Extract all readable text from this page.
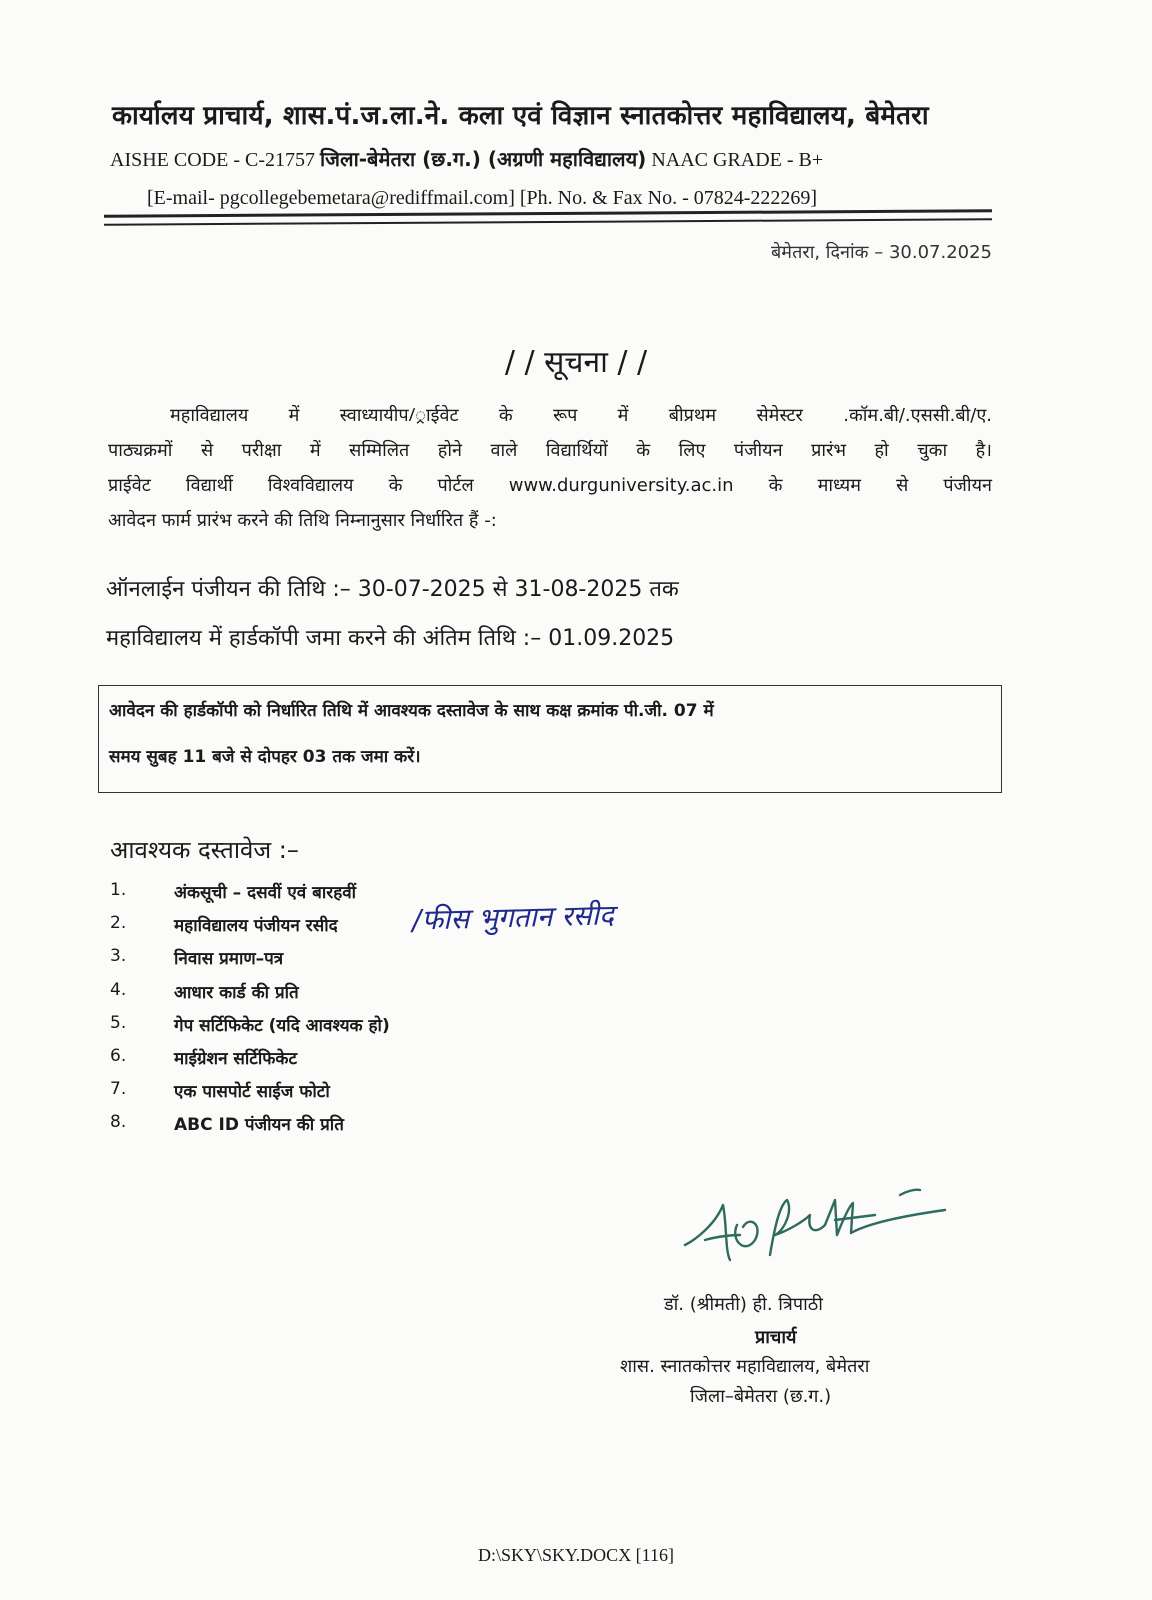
कार्यालय प्राचार्य, शास.पं.ज.ला.ने. कला एवं विज्ञान स्नातकोत्तर महाविद्यालय, बेमेतरा
AISHE CODE - C-21757 जिला-बेमेतरा (छ.ग.) (अग्रणी महाविद्यालय) NAAC GRADE - B+
[E-mail- pgcollegebemetara@rediffmail.com] [Ph. No. & Fax No. - 07824-222269]
बेमेतरा, दिनांक – 30.07.2025
/ / सूचना / /

महाविद्यालय में स्वाध्यायीप/्राईवेट के रूप में बीप्रथम सेमेस्टर .कॉम.बी/.एससी.बी/ए.

पाठ्यक्रमों से परीक्षा में सम्मिलित होने वाले विद्यार्थियों के लिए पंजीयन प्रारंभ हो चुका है।

प्राईवेट विद्यार्थी विश्वविद्यालय के पोर्टल www.durguniversity.ac.in के माध्यम से पंजीयन

आवेदन फार्म प्रारंभ करने की तिथि निम्नानुसार निर्धारित हैं -:

ऑनलाईन पंजीयन की तिथि :– 30-07-2025 से 31-08-2025 तक
महाविद्यालय में हार्डकॉपी जमा करने की अंतिम तिथि :– 01.09.2025

आवेदन की हार्डकॉपी को निर्धारित तिथि में आवश्यक दस्तावेज के साथ कक्ष क्रमांक पी.जी. 07 में

समय सुबह 11 बजे से दोपहर 03 तक जमा करें।

आवश्यक दस्तावेज :–
1.	अंकसूची – दसवीं एवं बारहवीं
2.	महाविद्यालय पंजीयन रसीद
3.	निवास प्रमाण–पत्र
4.	आधार कार्ड की प्रति
5.	गेप सर्टिफिकेट (यदि आवश्यक हो)
6.	माईग्रेशन सर्टिफिकेट
7.	एक पासपोर्ट साईज फोटो
8.	ABC ID पंजीयन की प्रति
/फीस भुगतान रसीद
डॉ. (श्रीमती) ही. त्रिपाठी
प्राचार्य
शास. स्नातकोत्तर महाविद्यालय, बेमेतरा
जिला–बेमेतरा (छ.ग.)
D:\SKY\SKY.DOCX [116]
